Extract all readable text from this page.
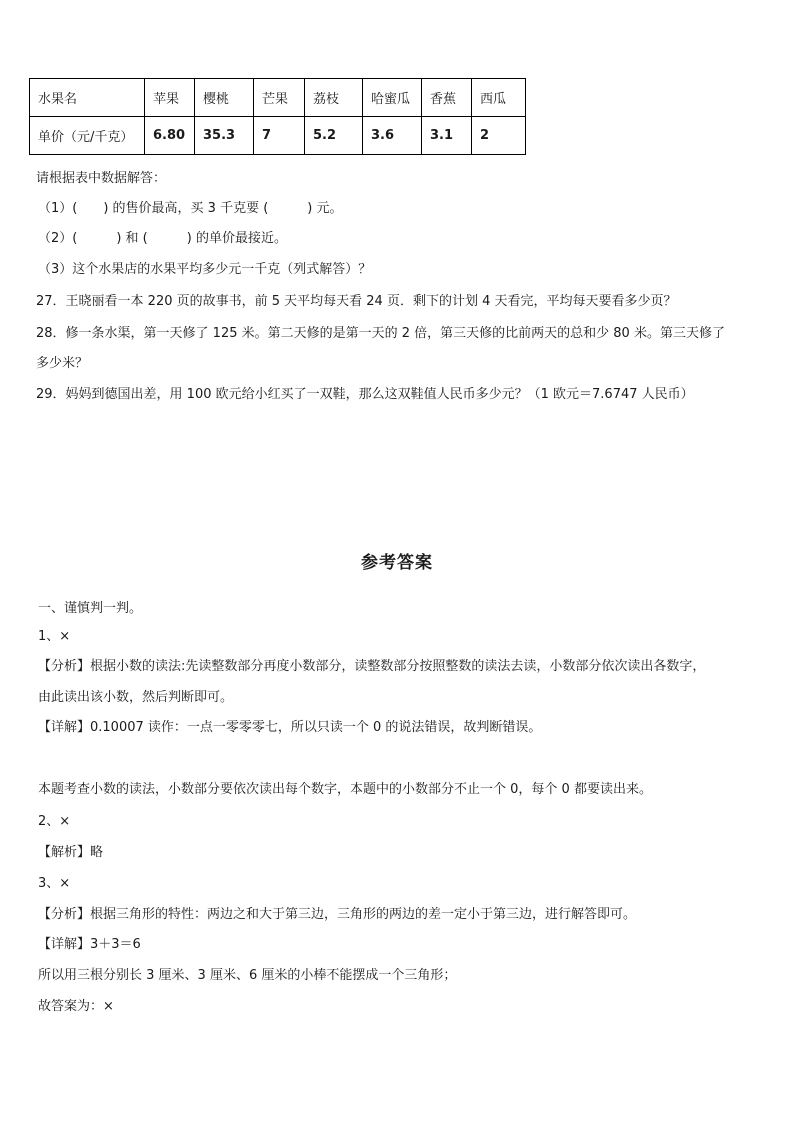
水果名	苹果	樱桃	芒果	荔枝	哈蜜瓜	香蕉	西瓜
单价（元/千克）	6.80	35.3	7	5.2	3.6	3.1	2
请根据表中数据解答：
（1）(　　) 的售价最高，买 3 千克要 (　　　) 元。
（2）(　　　) 和 (　　　) 的单价最接近。
（3）这个水果店的水果平均多少元一千克（列式解答）？
27．王晓丽看一本 220 页的故事书，前 5 天平均每天看 24 页．剩下的计划 4 天看完，平均每天要看多少页？
28．修一条水渠，第一天修了 125 米。第二天修的是第一天的 2 倍，第三天修的比前两天的总和少 80 米。第三天修了
多少米？
29．妈妈到德国出差，用 100 欧元给小红买了一双鞋，那么这双鞋值人民币多少元？（1 欧元＝7.6747 人民币）
参考答案
一、谨慎判一判。
1、×
【分析】根据小数的读法:先读整数部分再度小数部分，读整数部分按照整数的读法去读，小数部分依次读出各数字，
由此读出该小数，然后判断即可。
【详解】0.10007 读作：一点一零零零七，所以只读一个 0 的说法错误，故判断错误。
本题考查小数的读法，小数部分要依次读出每个数字，本题中的小数部分不止一个 0，每个 0 都要读出来。
2、×
【解析】略
3、×
【分析】根据三角形的特性：两边之和大于第三边，三角形的两边的差一定小于第三边，进行解答即可。
【详解】3＋3＝6
所以用三根分别长 3 厘米、3 厘米、6 厘米的小棒不能摆成一个三角形；
故答案为：×
